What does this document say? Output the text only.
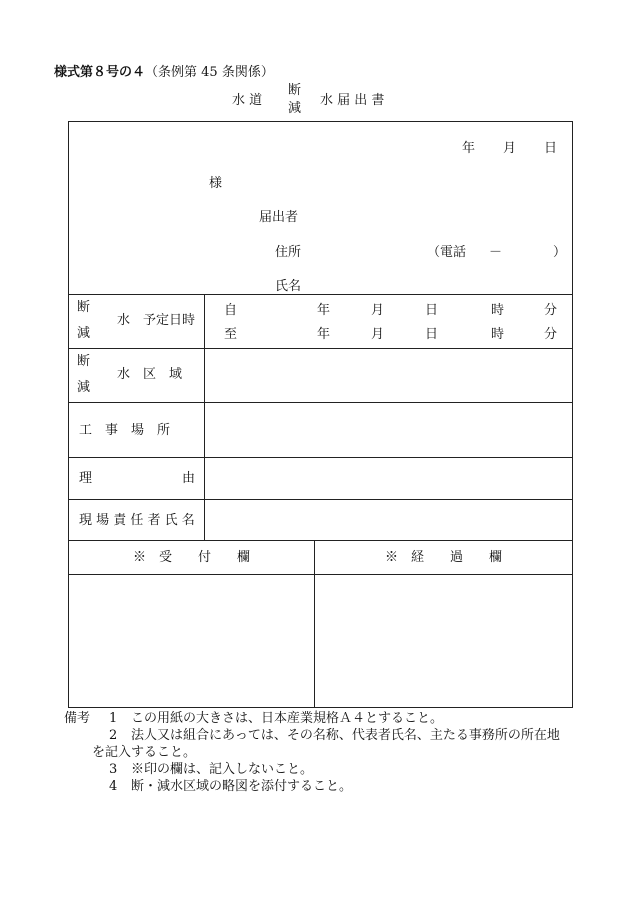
様式第８号の４（条例第 45 条関係）
水 道
断
減
水 届 出 書
年 月 日
様
届出者
住所	（電話 －	）
氏名
断
減
水　予定日時
自	年	月	日	時	分
至	年	月	日	時	分
断
減
水　区　域
工　事　場　所
理	由
現 場 責 任 者 氏 名
※　受　　付　　欄	※　経　　過　　欄
備考 1 この用紙の大きさは、日本産業規格Ａ４とすること。
2 法人又は組合にあっては、その名称、代表者氏名、主たる事務所の所在地
を記入すること。
3 ※印の欄は、記入しないこと。
4 断・減水区域の略図を添付すること。
